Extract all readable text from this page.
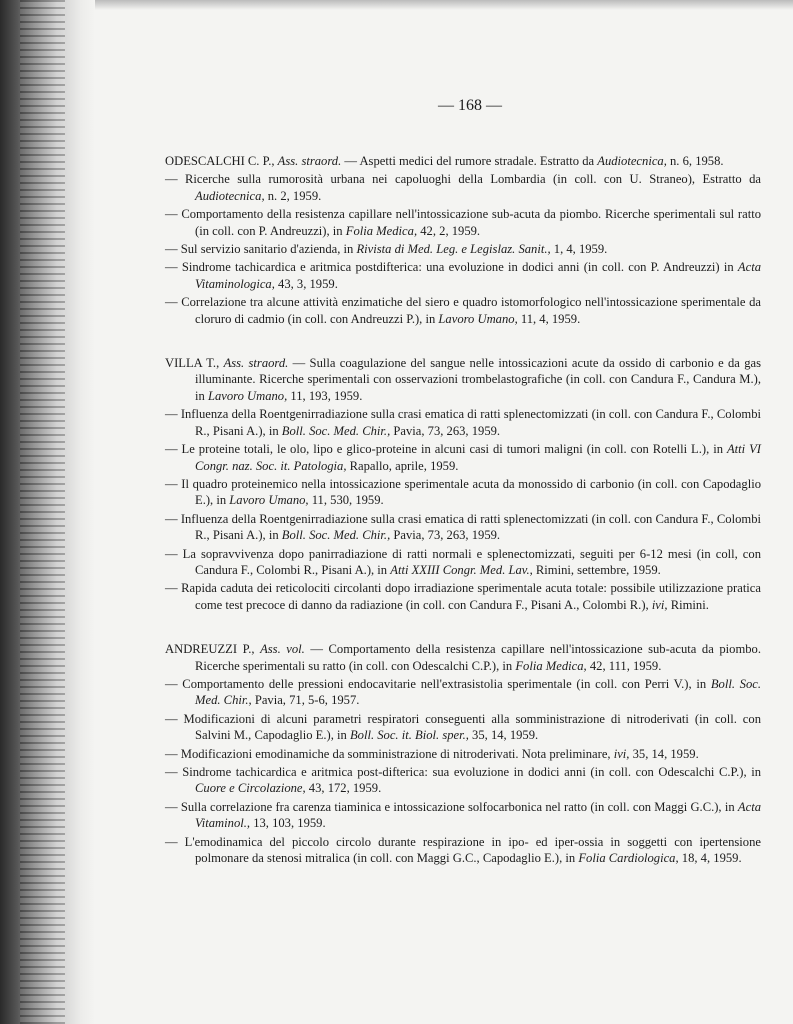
— 168 —
ODESCALCHI C. P., Ass. straord. — Aspetti medici del rumore stradale. Estratto da Audiotecnica, n. 6, 1958.
— Ricerche sulla rumorosità urbana nei capoluoghi della Lombardia (in coll. con U. Straneo), Estratto da Audiotecnica, n. 2, 1959.
— Comportamento della resistenza capillare nell'intossicazione sub-acuta da piombo. Ricerche sperimentali sul ratto (in coll. con P. Andreuzzi), in Folia Medica, 42, 2, 1959.
— Sul servizio sanitario d'azienda, in Rivista di Med. Leg. e Legislaz. Sanit., 1, 4, 1959.
— Sindrome tachicardica e aritmica postdifterica: una evoluzione in dodici anni (in coll. con P. Andreuzzi) in Acta Vitaminologica, 43, 3, 1959.
— Correlazione tra alcune attività enzimatiche del siero e quadro istomorfologico nell'intossicazione sperimentale da cloruro di cadmio (in coll. con Andreuzzi P.), in Lavoro Umano, 11, 4, 1959.
VILLA T., Ass. straord. — Sulla coagulazione del sangue nelle intossicazioni acute da ossido di carbonio e da gas illuminante. Ricerche sperimentali con osservazioni trombelastografiche (in coll. con Candura F., Candura M.), in Lavoro Umano, 11, 193, 1959.
— Influenza della Roentgenirradiazione sulla crasi ematica di ratti splenectomizzati (in coll. con Candura F., Colombi R., Pisani A.), in Boll. Soc. Med. Chir., Pavia, 73, 263, 1959.
— Le proteine totali, le olo, lipo e glico-proteine in alcuni casi di tumori maligni (in coll. con Rotelli L.), in Atti VI Congr. naz. Soc. it. Patologia, Rapallo, aprile, 1959.
— Il quadro proteinemico nella intossicazione sperimentale acuta da monossido di carbonio (in coll. con Capodaglio E.), in Lavoro Umano, 11, 530, 1959.
— Influenza della Roentgenirradiazione sulla crasi ematica di ratti splenectomizzati (in coll. con Candura F., Colombi R., Pisani A.), in Boll. Soc. Med. Chir., Pavia, 73, 263, 1959.
— La sopravvivenza dopo panirradiazione di ratti normali e splenectomizzati, seguiti per 6-12 mesi (in coll, con Candura F., Colombi R., Pisani A.), in Atti XXIII Congr. Med. Lav., Rimini, settembre, 1959.
— Rapida caduta dei reticolociti circolanti dopo irradiazione sperimentale acuta totale: possibile utilizzazione pratica come test precoce di danno da radiazione (in coll. con Candura F., Pisani A., Colombi R.), ivi, Rimini.
ANDREUZZI P., Ass. vol. — Comportamento della resistenza capillare nell'intossicazione sub-acuta da piombo. Ricerche sperimentali su ratto (in coll. con Odescalchi C.P.), in Folia Medica, 42, 111, 1959.
— Comportamento delle pressioni endocavitarie nell'extrasistolia sperimentale (in coll. con Perri V.), in Boll. Soc. Med. Chir., Pavia, 71, 5-6, 1957.
— Modificazioni di alcuni parametri respiratori conseguenti alla somministrazione di nitroderivati (in coll. con Salvini M., Capodaglio E.), in Boll. Soc. it. Biol. sper., 35, 14, 1959.
— Modificazioni emodinamiche da somministrazione di nitroderivati. Nota preliminare, ivi, 35, 14, 1959.
— Sindrome tachicardica e aritmica post-difterica: sua evoluzione in dodici anni (in coll. con Odescalchi C.P.), in Cuore e Circolazione, 43, 172, 1959.
— Sulla correlazione fra carenza tiaminica e intossicazione solfocarbonica nel ratto (in coll. con Maggi G.C.), in Acta Vitaminol., 13, 103, 1959.
— L'emodinamica del piccolo circolo durante respirazione in ipo- ed iper-ossia in soggetti con ipertensione polmonare da stenosi mitralica (in coll. con Maggi G.C., Capodaglio E.), in Folia Cardiologica, 18, 4, 1959.
